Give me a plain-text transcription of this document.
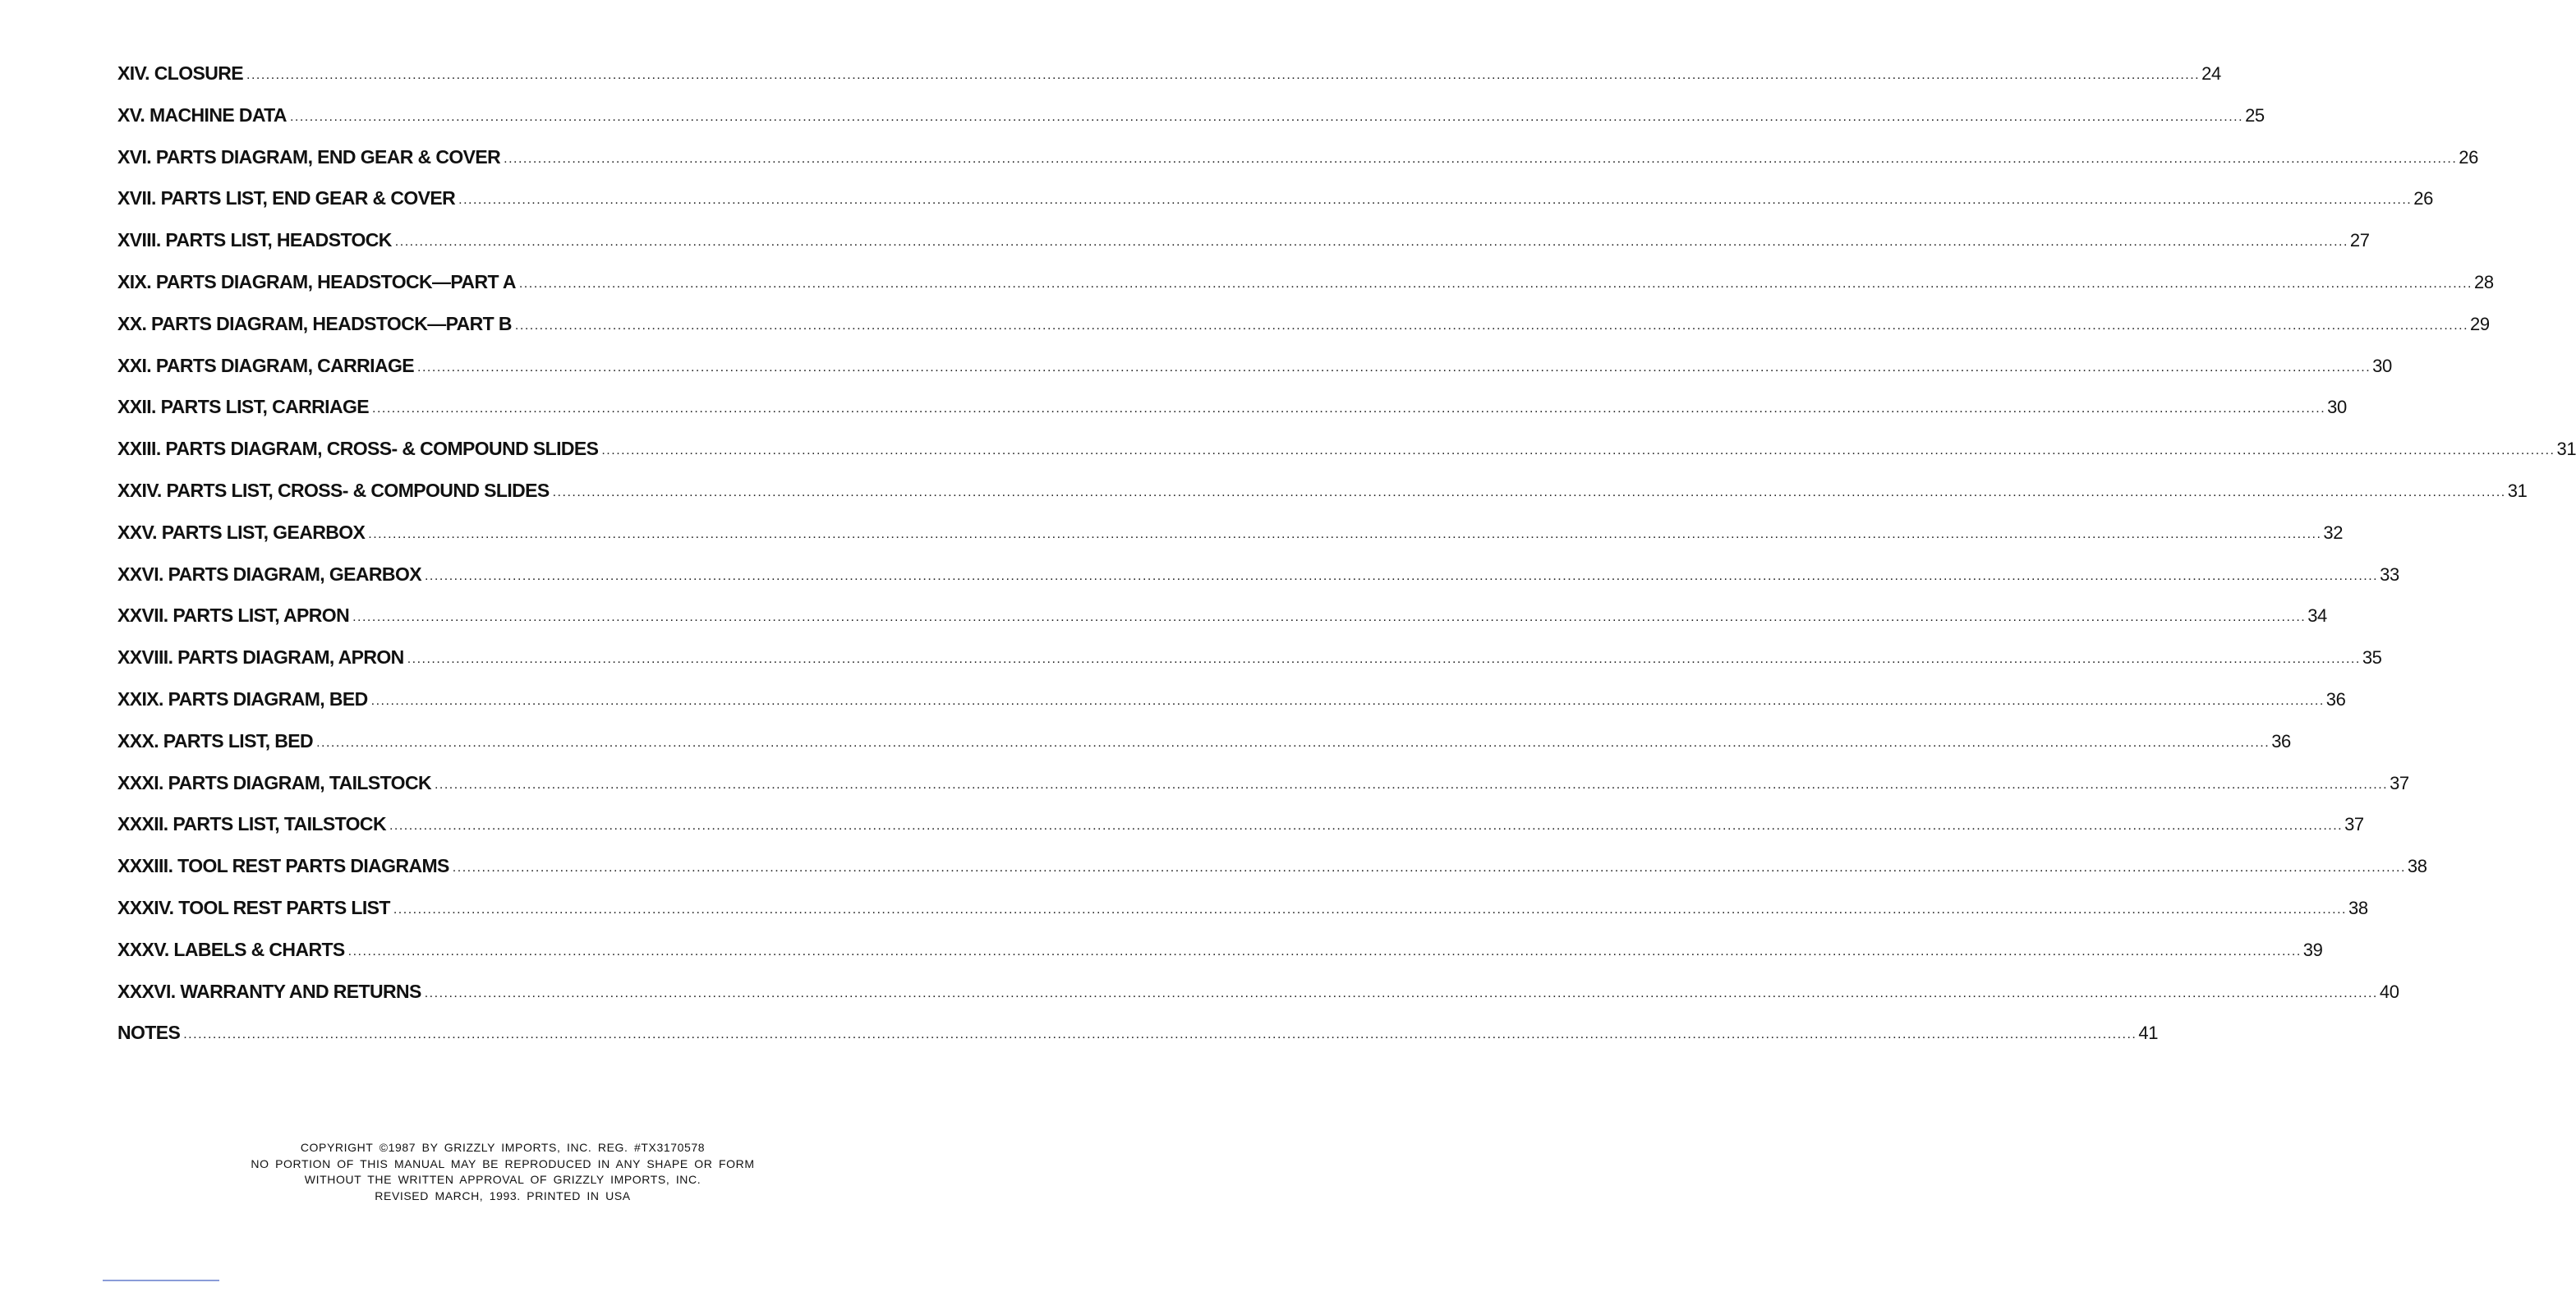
XIV. CLOSURE ................................................................................................................................................................................................................................................................................................................................................................................................................ 24
XV. MACHINE DATA ................................................................................................................................................................................................................................................................................................................................................................................................................ 25
XVI. PARTS DIAGRAM, END GEAR & COVER ................................................................................................................................................................................................................................................................................................................................................................................................................ 26
XVII. PARTS LIST, END GEAR & COVER ................................................................................................................................................................................................................................................................................................................................................................................................................ 26
XVIII. PARTS LIST, HEADSTOCK ................................................................................................................................................................................................................................................................................................................................................................................................................ 27
XIX. PARTS DIAGRAM, HEADSTOCK—PART A ................................................................................................................................................................................................................................................................................................................................................................................................................ 28
XX. PARTS DIAGRAM, HEADSTOCK—PART B ................................................................................................................................................................................................................................................................................................................................................................................................................ 29
XXI. PARTS DIAGRAM, CARRIAGE ................................................................................................................................................................................................................................................................................................................................................................................................................ 30
XXII. PARTS LIST, CARRIAGE ................................................................................................................................................................................................................................................................................................................................................................................................................ 30
XXIII. PARTS DIAGRAM, CROSS- & COMPOUND SLIDES ................................................................................................................................................................................................................................................................................................................................................................................................................ 31
XXIV. PARTS LIST, CROSS- & COMPOUND SLIDES ................................................................................................................................................................................................................................................................................................................................................................................................................ 31
XXV. PARTS LIST, GEARBOX ................................................................................................................................................................................................................................................................................................................................................................................................................ 32
XXVI. PARTS DIAGRAM, GEARBOX ................................................................................................................................................................................................................................................................................................................................................................................................................ 33
XXVII. PARTS LIST, APRON ................................................................................................................................................................................................................................................................................................................................................................................................................ 34
XXVIII. PARTS DIAGRAM, APRON ................................................................................................................................................................................................................................................................................................................................................................................................................ 35
XXIX. PARTS DIAGRAM, BED ................................................................................................................................................................................................................................................................................................................................................................................................................ 36
XXX. PARTS LIST, BED ................................................................................................................................................................................................................................................................................................................................................................................................................ 36
XXXI. PARTS DIAGRAM, TAILSTOCK ................................................................................................................................................................................................................................................................................................................................................................................................................ 37
XXXII. PARTS LIST, TAILSTOCK ................................................................................................................................................................................................................................................................................................................................................................................................................ 37
XXXIII. TOOL REST PARTS DIAGRAMS ................................................................................................................................................................................................................................................................................................................................................................................................................ 38
XXXIV. TOOL REST PARTS LIST ................................................................................................................................................................................................................................................................................................................................................................................................................ 38
XXXV. LABELS & CHARTS ................................................................................................................................................................................................................................................................................................................................................................................................................ 39
XXXVI. WARRANTY AND RETURNS ................................................................................................................................................................................................................................................................................................................................................................................................................ 40
NOTES ................................................................................................................................................................................................................................................................................................................................................................................................................ 41
COPYRIGHT ©1987 BY GRIZZLY IMPORTS, INC. REG. #TX3170578
NO PORTION OF THIS MANUAL MAY BE REPRODUCED IN ANY SHAPE OR FORM
WITHOUT THE WRITTEN APPROVAL OF GRIZZLY IMPORTS, INC.
REVISED MARCH, 1993. PRINTED IN USA
